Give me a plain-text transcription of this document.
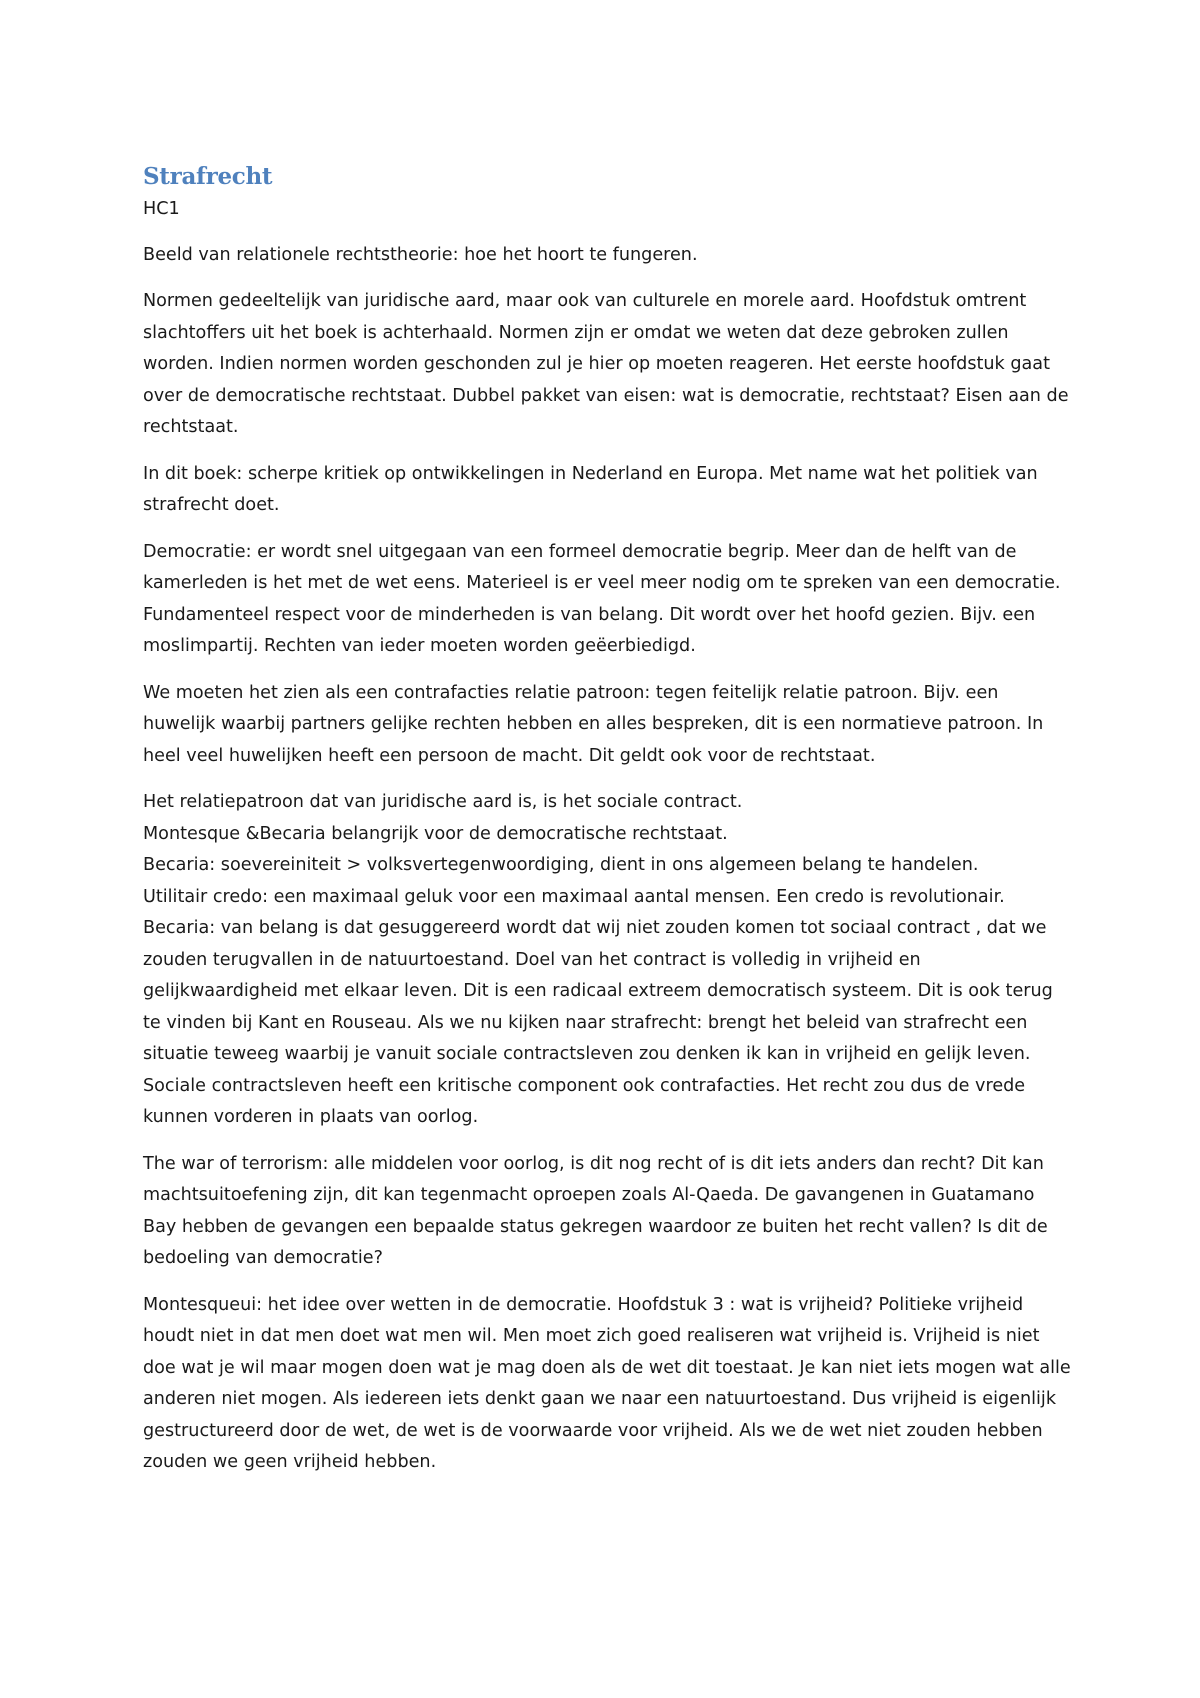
Strafrecht

HC1

Beeld van relationele rechtstheorie: hoe het hoort te fungeren.

Normen gedeeltelijk van juridische aard, maar ook van culturele en morele aard. Hoofdstuk omtrent slachtoffers uit het boek is achterhaald. Normen zijn er omdat we weten dat deze gebroken zullen worden. Indien normen worden geschonden zul je hier op moeten reageren. Het eerste hoofdstuk gaat over de democratische rechtstaat. Dubbel pakket van eisen: wat is democratie, rechtstaat? Eisen aan de rechtstaat.

In dit boek: scherpe kritiek op ontwikkelingen in Nederland en Europa. Met name wat het politiek van strafrecht doet.

Democratie: er wordt snel uitgegaan van een formeel democratie begrip. Meer dan de helft van de kamerleden is het met de wet eens. Materieel is er veel meer nodig om te spreken van een democratie. Fundamenteel respect voor de minderheden is van belang. Dit wordt over het hoofd gezien. Bijv. een moslimpartij. Rechten van ieder moeten worden geëerbiedigd.

We moeten het zien als een contrafacties relatie patroon: tegen feitelijk relatie patroon. Bijv. een huwelijk waarbij partners gelijke rechten hebben en alles bespreken, dit is een normatieve patroon. In heel veel huwelijken heeft een persoon de macht. Dit geldt ook voor de rechtstaat.

Het relatiepatroon dat van juridische aard is, is het sociale contract.
Montesque &Becaria belangrijk voor de democratische rechtstaat.
Becaria: soevereiniteit > volksvertegenwoordiging, dient in ons algemeen belang te handelen.
Utilitair credo: een maximaal geluk voor een maximaal aantal mensen. Een credo is revolutionair. Becaria: van belang is dat gesuggereerd wordt dat wij niet zouden komen tot sociaal contract , dat we zouden terugvallen in de natuurtoestand. Doel van het contract is volledig in vrijheid en gelijkwaardigheid met elkaar leven. Dit is een radicaal extreem democratisch systeem. Dit is ook terug te vinden bij Kant en Rouseau. Als we nu kijken naar strafrecht: brengt het beleid van strafrecht een situatie teweeg waarbij je vanuit sociale contractsleven zou denken ik kan in vrijheid en gelijk leven. Sociale contractsleven heeft een kritische component ook contrafacties. Het recht zou dus de vrede kunnen vorderen in plaats van oorlog.

The war of terrorism: alle middelen voor oorlog, is dit nog recht of is dit iets anders dan recht? Dit kan machtsuitoefening zijn, dit kan tegenmacht oproepen zoals Al-Qaeda. De gavangenen in Guatamano Bay hebben de gevangen een bepaalde status gekregen waardoor ze buiten het recht vallen? Is dit de bedoeling van democratie?

Montesqueui: het idee over wetten in de democratie. Hoofdstuk 3 : wat is vrijheid? Politieke vrijheid houdt niet in dat men doet wat men wil. Men moet zich goed realiseren wat vrijheid is. Vrijheid is niet doe wat je wil maar mogen doen wat je mag doen als de wet dit toestaat. Je kan niet iets mogen wat alle anderen niet mogen. Als iedereen iets denkt gaan we naar een natuurtoestand. Dus vrijheid is eigenlijk gestructureerd door de wet, de wet is de voorwaarde voor vrijheid. Als we de wet niet zouden hebben zouden we geen vrijheid hebben.
